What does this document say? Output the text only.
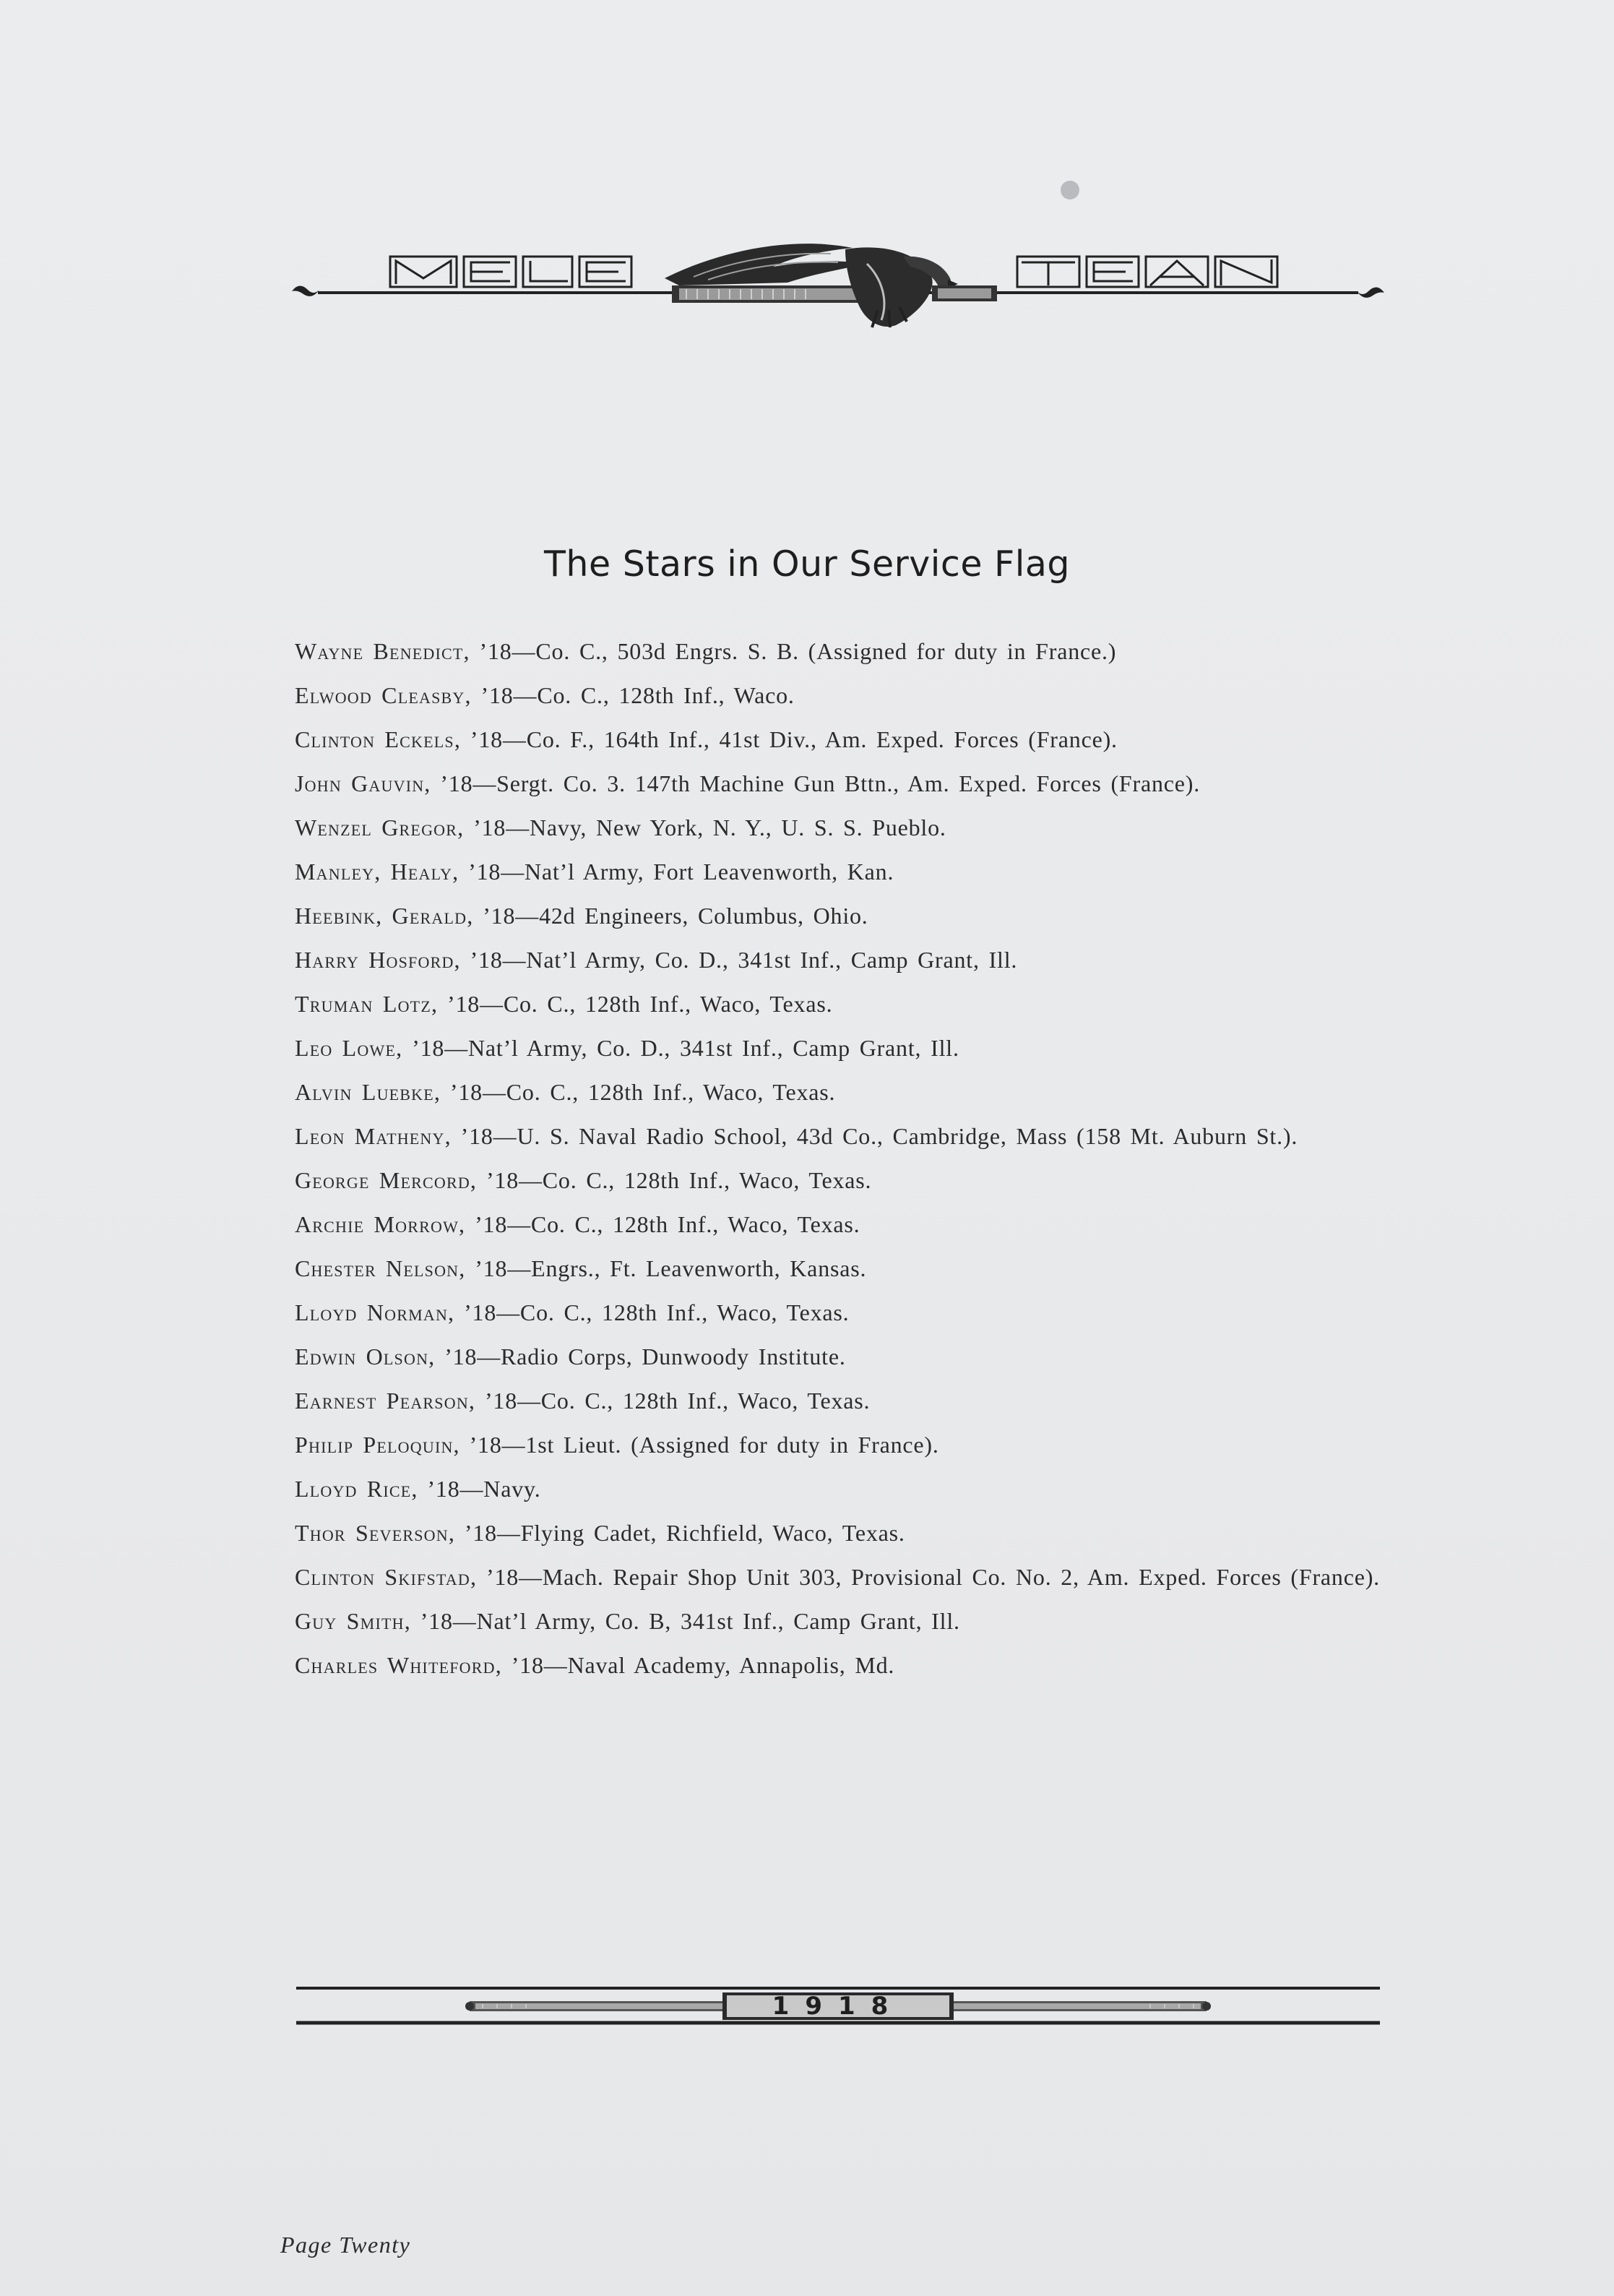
The Stars in Our Service Flag

Wayne Benedict, ’18—Co. C., 503d Engrs. S. B. (Assigned for duty in France.)

Elwood Cleasby, ’18—Co. C., 128th Inf., Waco.

Clinton Eckels, ’18—Co. F., 164th Inf., 41st Div., Am. Exped. Forces (France).

John Gauvin, ’18—Sergt. Co. 3. 147th Machine Gun Bttn., Am. Exped. Forces (France).

Wenzel Gregor, ’18—Navy, New York, N. Y., U. S. S. Pueblo.

Manley, Healy, ’18—Nat’l Army, Fort Leavenworth, Kan.

Heebink, Gerald, ’18—42d Engineers, Columbus, Ohio.

Harry Hosford, ’18—Nat’l Army, Co. D., 341st Inf., Camp Grant, Ill.

Truman Lotz, ’18—Co. C., 128th Inf., Waco, Texas.

Leo Lowe, ’18—Nat’l Army, Co. D., 341st Inf., Camp Grant, Ill.

Alvin Luebke, ’18—Co. C., 128th Inf., Waco, Texas.

Leon Matheny, ’18—U. S. Naval Radio School, 43d Co., Cambridge, Mass (158 Mt. Auburn St.).

George Mercord, ’18—Co. C., 128th Inf., Waco, Texas.

Archie Morrow, ’18—Co. C., 128th Inf., Waco, Texas.

Chester Nelson, ’18—Engrs., Ft. Leavenworth, Kansas.

Lloyd Norman, ’18—Co. C., 128th Inf., Waco, Texas.

Edwin Olson, ’18—Radio Corps, Dunwoody Institute.

Earnest Pearson, ’18—Co. C., 128th Inf., Waco, Texas.

Philip Peloquin, ’18—1st Lieut. (Assigned for duty in France).

Lloyd Rice, ’18—Navy.

Thor Severson, ’18—Flying Cadet, Richfield, Waco, Texas.

Clinton Skifstad, ’18—Mach. Repair Shop Unit 303, Provisional Co. No. 2, Am. Exped. Forces (France).

Guy Smith, ’18—Nat’l Army, Co. B, 341st Inf., Camp Grant, Ill.

Charles Whiteford, ’18—Naval Academy, Annapolis, Md.

1918
Page Twenty
